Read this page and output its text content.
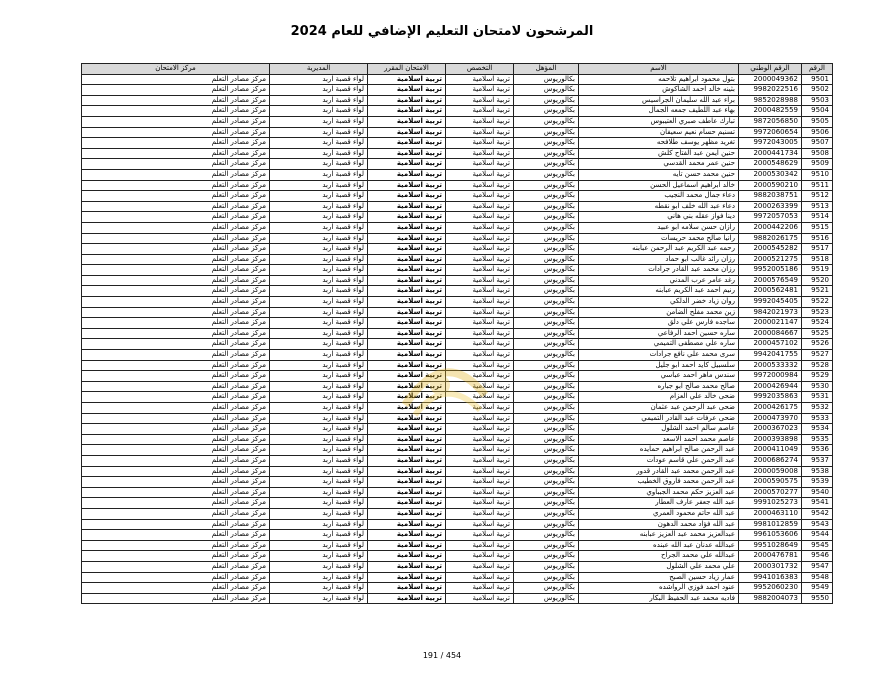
المرشحون لامتحان التعليم الإضافي للعام 2024
الرقم	الرقم الوطني	الاسم	المؤهل	التخصص	الامتحان المقرر	المديرية	مركز الامتحان
9501	2000049362	بتول محمود ابراهيم تلاحمه	بكالوريوس	تربية اسلامية	تربية اسلامية	لواء قصبة اربد	مركز مصادر التعلم
9502	9982022516	بثينه خالد احمد الشاكوش	بكالوريوس	تربية اسلامية	تربية اسلامية	لواء قصبة اربد	مركز مصادر التعلم
9503	9852028988	براء عبد الله سليمان الجراسيس	بكالوريوس	تربية اسلامية	تربية اسلامية	لواء قصبة اربد	مركز مصادر التعلم
9504	2000482559	بهاء عبد اللطيف جمعه الجمال	بكالوريوس	تربية اسلامية	تربية اسلامية	لواء قصبة اربد	مركز مصادر التعلم
9505	9872056850	تبارك عاطف صبري العتيبوس	بكالوريوس	تربية اسلامية	تربية اسلامية	لواء قصبة اربد	مركز مصادر التعلم
9506	9972060654	تسنيم حسام نعيم سعيفان	بكالوريوس	تربية اسلامية	تربية اسلامية	لواء قصبة اربد	مركز مصادر التعلم
9507	9972043005	تغريد مظهر يوسف طلافحه	بكالوريوس	تربية اسلامية	تربية اسلامية	لواء قصبة اربد	مركز مصادر التعلم
9508	2000441734	حنين ايمن عبد الفتاح كلش	بكالوريوس	تربية اسلامية	تربية اسلامية	لواء قصبة اربد	مركز مصادر التعلم
9509	2000548629	حنين عمر محمد القدسي	بكالوريوس	تربية اسلامية	تربية اسلامية	لواء قصبة اربد	مركز مصادر التعلم
9510	2000530342	حنين محمد حسن تايه	بكالوريوس	تربية اسلامية	تربية اسلامية	لواء قصبة اربد	مركز مصادر التعلم
9511	2000590210	خالد ابراهيم اسماعيل الحسن	بكالوريوس	تربية اسلامية	تربية اسلامية	لواء قصبة اربد	مركز مصادر التعلم
9512	9882038751	دعاء جمال محمد النجيب	بكالوريوس	تربية اسلامية	تربية اسلامية	لواء قصبة اربد	مركز مصادر التعلم
9513	2000263399	دعاء عبد الله خلف ابو نقطه	بكالوريوس	تربية اسلامية	تربية اسلامية	لواء قصبة اربد	مركز مصادر التعلم
9514	9972057053	دينا فواز عقله بني هاني	بكالوريوس	تربية اسلامية	تربية اسلامية	لواء قصبة اربد	مركز مصادر التعلم
9515	2000442206	رازان حسن سلامه ابو عبيد	بكالوريوس	تربية اسلامية	تربية اسلامية	لواء قصبة اربد	مركز مصادر التعلم
9516	9882026175	رانيا صالح محمد حريسات	بكالوريوس	تربية اسلامية	تربية اسلامية	لواء قصبة اربد	مركز مصادر التعلم
9517	2000545282	رحمه عبد الكريم عبد الرحمن عبابنه	بكالوريوس	تربية اسلامية	تربية اسلامية	لواء قصبة اربد	مركز مصادر التعلم
9518	2000521275	رزان رائد غالب ابو حماد	بكالوريوس	تربية اسلامية	تربية اسلامية	لواء قصبة اربد	مركز مصادر التعلم
9519	9952005186	رزان محمد عبد القادر جرادات	بكالوريوس	تربية اسلامية	تربية اسلامية	لواء قصبة اربد	مركز مصادر التعلم
9520	2000576549	رغد عامر عرب المدني	بكالوريوس	تربية اسلامية	تربية اسلامية	لواء قصبة اربد	مركز مصادر التعلم
9521	2000562481	رنيم احمد عبد الكريم عبابنه	بكالوريوس	تربية اسلامية	تربية اسلامية	لواء قصبة اربد	مركز مصادر التعلم
9522	9992045405	روان زياد خضر الدلكي	بكالوريوس	تربية اسلامية	تربية اسلامية	لواء قصبة اربد	مركز مصادر التعلم
9523	9842021973	زين محمد مفلح الضامن	بكالوريوس	تربية اسلامية	تربية اسلامية	لواء قصبة اربد	مركز مصادر التعلم
9524	2000021147	ساجده فارس علي دلق	بكالوريوس	تربية اسلامية	تربية اسلامية	لواء قصبة اربد	مركز مصادر التعلم
9525	2000084667	ساره حسين احمد الرفاعي	بكالوريوس	تربية اسلامية	تربية اسلامية	لواء قصبة اربد	مركز مصادر التعلم
9526	2000457102	ساره علي مصطفى التميمي	بكالوريوس	تربية اسلامية	تربية اسلامية	لواء قصبة اربد	مركز مصادر التعلم
9527	9942041755	سرى محمد علي نافع جرادات	بكالوريوس	تربية اسلامية	تربية اسلامية	لواء قصبة اربد	مركز مصادر التعلم
9528	2000533332	سلسبيل كايد احمد ابو جليل	بكالوريوس	تربية اسلامية	تربية اسلامية	لواء قصبة اربد	مركز مصادر التعلم
9529	9972000984	سندس ماهر احمد عباسي	بكالوريوس	تربية اسلامية	تربية اسلامية	لواء قصبة اربد	مركز مصادر التعلم
9530	2000426944	صالح محمد صالح ابو جباره	بكالوريوس	تربية اسلامية	تربية اسلامية	لواء قصبة اربد	مركز مصادر التعلم
9531	9992035863	ضحى خالد علي العزام	بكالوريوس	تربية اسلامية	تربية اسلامية	لواء قصبة اربد	مركز مصادر التعلم
9532	2000426175	ضحى عبد الرحمن عبد عثمان	بكالوريوس	تربية اسلامية	تربية اسلامية	لواء قصبة اربد	مركز مصادر التعلم
9533	2000473970	ضحى عرفات عبد القادر التميمي	بكالوريوس	تربية اسلامية	تربية اسلامية	لواء قصبة اربد	مركز مصادر التعلم
9534	2000367023	عاصم سالم احمد الشلول	بكالوريوس	تربية اسلامية	تربية اسلامية	لواء قصبة اربد	مركز مصادر التعلم
9535	2000393898	عاصم محمد احمد الاسعد	بكالوريوس	تربية اسلامية	تربية اسلامية	لواء قصبة اربد	مركز مصادر التعلم
9536	2000411049	عبد الرحمن صالح ابراهيم حمايده	بكالوريوس	تربية اسلامية	تربية اسلامية	لواء قصبة اربد	مركز مصادر التعلم
9537	2000686274	عبد الرحمن علي قاسم عودات	بكالوريوس	تربية اسلامية	تربية اسلامية	لواء قصبة اربد	مركز مصادر التعلم
9538	2000059008	عبد الرحمن محمد عبد القادر قدور	بكالوريوس	تربية اسلامية	تربية اسلامية	لواء قصبة اربد	مركز مصادر التعلم
9539	2000590575	عبد الرحمن محمد فاروق الخطيب	بكالوريوس	تربية اسلامية	تربية اسلامية	لواء قصبة اربد	مركز مصادر التعلم
9540	2000570277	عبد العزيز حكم محمد الجبباوي	بكالوريوس	تربية اسلامية	تربية اسلامية	لواء قصبة اربد	مركز مصادر التعلم
9541	9991025273	عبد الله جعفر عارف العطار	بكالوريوس	تربية اسلامية	تربية اسلامية	لواء قصبة اربد	مركز مصادر التعلم
9542	2000463110	عبد الله حاتم محمود العمري	بكالوريوس	تربية اسلامية	تربية اسلامية	لواء قصبة اربد	مركز مصادر التعلم
9543	9981012859	عبد الله فؤاد محمد الدهون	بكالوريوس	تربية اسلامية	تربية اسلامية	لواء قصبة اربد	مركز مصادر التعلم
9544	9961053606	عبدالعزيز محمد عبد العزيز عبابنه	بكالوريوس	تربية اسلامية	تربية اسلامية	لواء قصبة اربد	مركز مصادر التعلم
9545	9951028649	عبدالله عدنان عبد الله عبنده	بكالوريوس	تربية اسلامية	تربية اسلامية	لواء قصبة اربد	مركز مصادر التعلم
9546	2000476781	عبدالله علي محمد الجراح	بكالوريوس	تربية اسلامية	تربية اسلامية	لواء قصبة اربد	مركز مصادر التعلم
9547	2000301732	علي محمد علي الشلول	بكالوريوس	تربية اسلامية	تربية اسلامية	لواء قصبة اربد	مركز مصادر التعلم
9548	9941016383	عمار زياد حسين الصبح	بكالوريوس	تربية اسلامية	تربية اسلامية	لواء قصبة اربد	مركز مصادر التعلم
9549	9952060230	عنود احمد فوزي الرواشده	بكالوريوس	تربية اسلامية	تربية اسلامية	لواء قصبة اربد	مركز مصادر التعلم
9550	9882004073	فاديه محمد عبد الحفيظ البكار	بكالوريوس	تربية اسلامية	تربية اسلامية	لواء قصبة اربد	مركز مصادر التعلم
191 / 454
